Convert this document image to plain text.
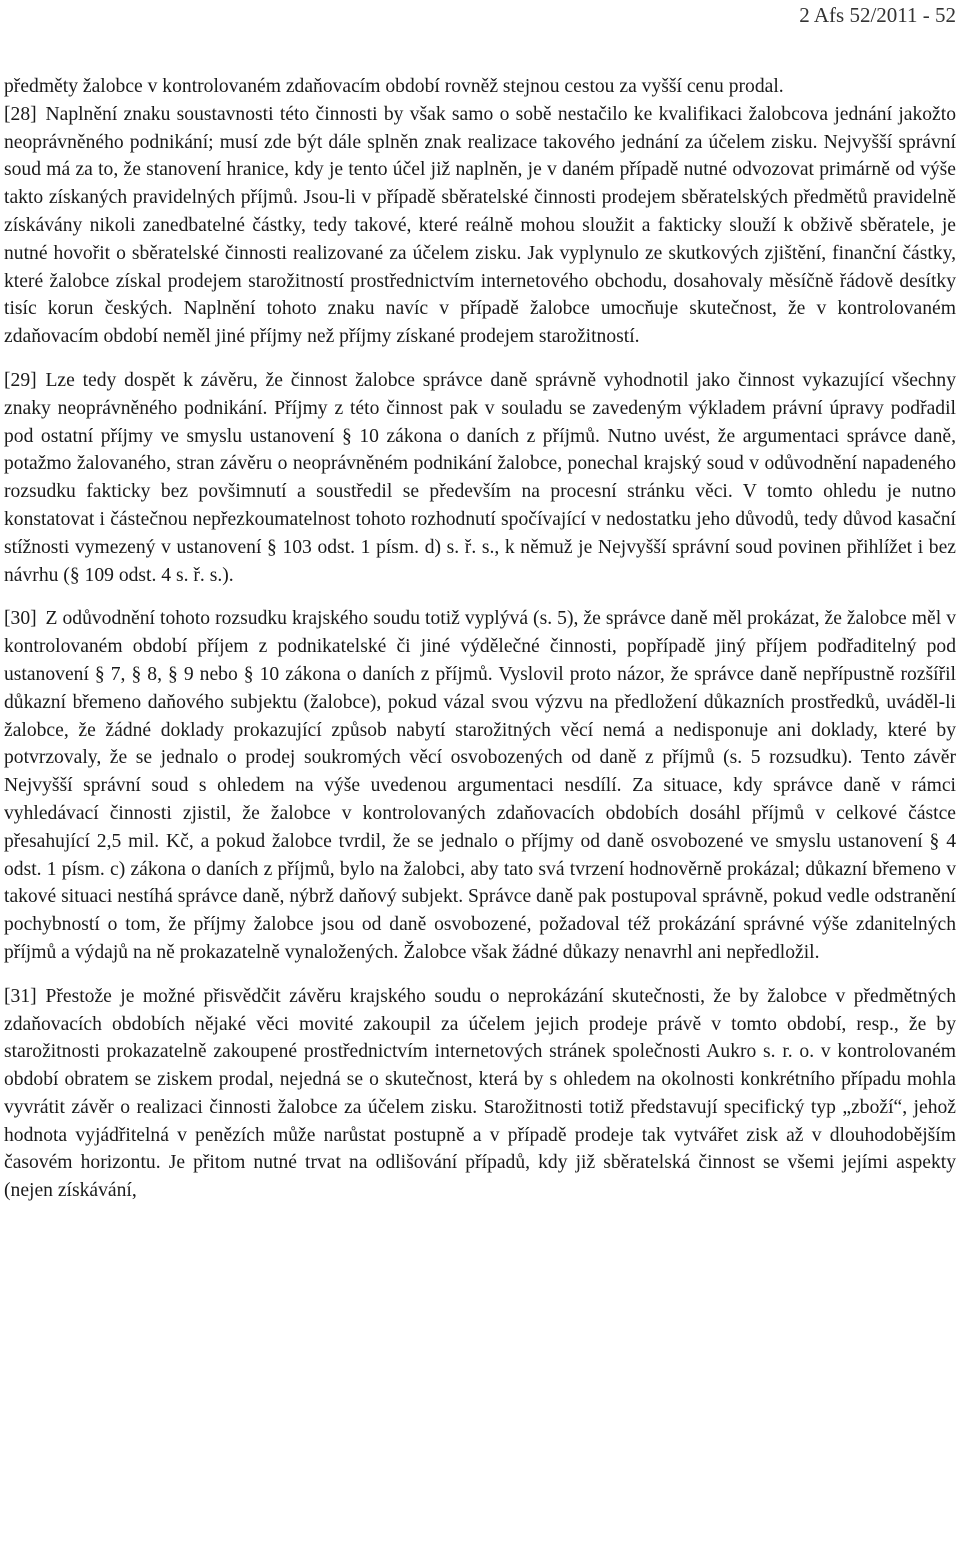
2 Afs 52/2011 - 52

předměty žalobce v kontrolovaném zdaňovacím období rovněž stejnou cestou za vyšší cenu prodal.

[28] Naplnění znaku soustavnosti této činnosti by však samo o sobě nestačilo ke kvalifikaci žalobcova jednání jakožto neoprávněného podnikání; musí zde být dále splněn znak realizace takového jednání za účelem zisku. Nejvyšší správní soud má za to, že stanovení hranice, kdy je tento účel již naplněn, je v daném případě nutné odvozovat primárně od výše takto získaných pravidelných příjmů. Jsou-li v případě sběratelské činnosti prodejem sběratelských předmětů pravidelně získávány nikoli zanedbatelné částky, tedy takové, které reálně mohou sloužit a fakticky slouží k obživě sběratele, je nutné hovořit o sběratelské činnosti realizované za účelem zisku. Jak vyplynulo ze skutkových zjištění, finanční částky, které žalobce získal prodejem starožitností prostřednictvím internetového obchodu, dosahovaly měsíčně řádově desítky tisíc korun českých. Naplnění tohoto znaku navíc v případě žalobce umocňuje skutečnost, že v kontrolovaném zdaňovacím období neměl jiné příjmy než příjmy získané prodejem starožitností.

[29] Lze tedy dospět k závěru, že činnost žalobce správce daně správně vyhodnotil jako činnost vykazující všechny znaky neoprávněného podnikání. Příjmy z této činnost pak v souladu se zavedeným výkladem právní úpravy podřadil pod ostatní příjmy ve smyslu ustanovení § 10 zákona o daních z příjmů. Nutno uvést, že argumentaci správce daně, potažmo žalovaného, stran závěru o neoprávněném podnikání žalobce, ponechal krajský soud v odůvodnění napadeného rozsudku fakticky bez povšimnutí a soustředil se především na procesní stránku věci. V tomto ohledu je nutno konstatovat i částečnou nepřezkoumatelnost tohoto rozhodnutí spočívající v nedostatku jeho důvodů, tedy důvod kasační stížnosti vymezený v ustanovení § 103 odst. 1 písm. d) s. ř. s., k němuž je Nejvyšší správní soud povinen přihlížet i bez návrhu (§ 109 odst. 4 s. ř. s.).

[30] Z odůvodnění tohoto rozsudku krajského soudu totiž vyplývá (s. 5), že správce daně měl prokázat, že žalobce měl v kontrolovaném období příjem z podnikatelské či jiné výdělečné činnosti, popřípadě jiný příjem podřaditelný pod ustanovení § 7, § 8, § 9 nebo § 10 zákona o daních z příjmů. Vyslovil proto názor, že správce daně nepřípustně rozšířil důkazní břemeno daňového subjektu (žalobce), pokud vázal svou výzvu na předložení důkazních prostředků, uváděl-li žalobce, že žádné doklady prokazující způsob nabytí starožitných věcí nemá a nedisponuje ani doklady, které by potvrzovaly, že se jednalo o prodej soukromých věcí osvobozených od daně z příjmů (s. 5 rozsudku). Tento závěr Nejvyšší správní soud s ohledem na výše uvedenou argumentaci nesdílí. Za situace, kdy správce daně v rámci vyhledávací činnosti zjistil, že žalobce v kontrolovaných zdaňovacích obdobích dosáhl příjmů v celkové částce přesahující 2,5 mil. Kč, a pokud žalobce tvrdil, že se jednalo o příjmy od daně osvobozené ve smyslu ustanovení § 4 odst. 1 písm. c) zákona o daních z příjmů, bylo na žalobci, aby tato svá tvrzení hodnověrně prokázal; důkazní břemeno v takové situaci nestíhá správce daně, nýbrž daňový subjekt. Správce daně pak postupoval správně, pokud vedle odstranění pochybností o tom, že příjmy žalobce jsou od daně osvobozené, požadoval též prokázání správné výše zdanitelných příjmů a výdajů na ně prokazatelně vynaložených. Žalobce však žádné důkazy nenavrhl ani nepředložil.

[31] Přestože je možné přisvědčit závěru krajského soudu o neprokázání skutečnosti, že by žalobce v předmětných zdaňovacích obdobích nějaké věci movité zakoupil za účelem jejich prodeje právě v tomto období, resp., že by starožitnosti prokazatelně zakoupené prostřednictvím internetových stránek společnosti Aukro s. r. o. v kontrolovaném období obratem se ziskem prodal, nejedná se o skutečnost, která by s ohledem na okolnosti konkrétního případu mohla vyvrátit závěr o realizaci činnosti žalobce za účelem zisku. Starožitnosti totiž představují specifický typ „zboží“, jehož hodnota vyjádřitelná v penězích může narůstat postupně a v případě prodeje tak vytvářet zisk až v dlouhodobějším časovém horizontu. Je přitom nutné trvat na odlišování případů, kdy již sběratelská činnost se všemi jejími aspekty (nejen získávání,
